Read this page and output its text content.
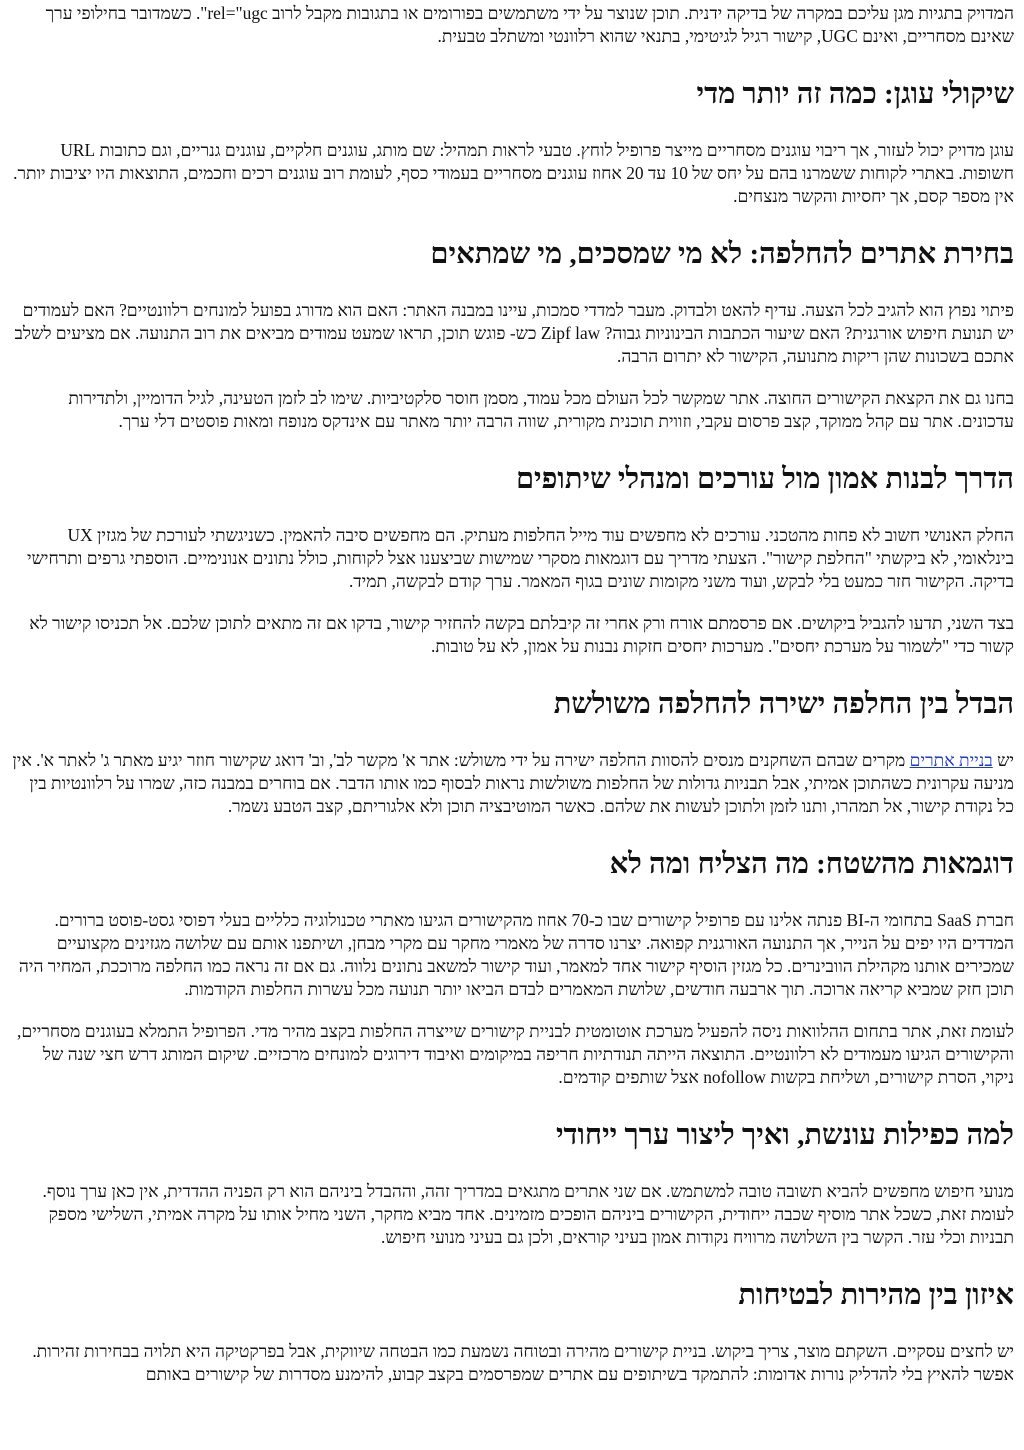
המדויק בתגיות מגן עליכם במקרה של בדיקה ידנית. תוכן שנוצר על ידי משתמשים בפורומים או בתגובות מקבל לרוב rel="ugc". כשמדובר בחילופי ערך שאינם מסחריים, ואינם UGC, קישור רגיל לגיטימי, בתנאי שהוא רלוונטי ומשתלב טבעית.

שיקולי עוגן: כמה זה יותר מדי

עוגן מדויק יכול לעזור, אך ריבוי עוגנים מסחריים מייצר פרופיל לוחץ. טבעי לראות תמהיל: שם מותג, עוגנים חלקיים, עוגנים גנריים, וגם כתובות URL חשופות. באתרי לקוחות ששמרנו בהם על יחס של 10 עד 20 אחוז עוגנים מסחריים בעמודי כסף, לעומת רוב עוגנים רכים וחכמים, התוצאות היו יציבות יותר. אין מספר קסם, אך יחסיות והקשר מנצחים.

בחירת אתרים להחלפה: לא מי שמסכים, מי שמתאים

פיתוי נפוץ הוא להגיב לכל הצעה. עדיף להאט ולבדוק. מעבר למדדי סמכות, עיינו במבנה האתר: האם הוא מדורג בפועל למונחים רלוונטיים? האם לעמודים יש תנועת חיפוש אורגנית? האם שיעור הכתבות הבינוניות גבוה? Zipf law כש- פוגש תוכן, תראו שמעט עמודים מביאים את רוב התנועה. אם מציעים לשלב אתכם בשכונות שהן ריקות מתנועה, הקישור לא יתרום הרבה.

בחנו גם את הקצאת הקישורים החוצה. אתר שמקשר לכל העולם מכל עמוד, מסמן חוסר סלקטיביות. שימו לב לזמן הטעינה, לגיל הדומיין, ולתדירות עדכונים. אתר עם קהל ממוקד, קצב פרסום עקבי, וזווית תוכנית מקורית, שווה הרבה יותר מאתר עם אינדקס מנופח ומאות פוסטים דלי ערך.

הדרך לבנות אמון מול עורכים ומנהלי שיתופים

החלק האנושי חשוב לא פחות מהטכני. עורכים לא מחפשים עוד מייל החלפות מעתיק. הם מחפשים סיבה להאמין. כשניגשתי לעורכת של מגזין UX בינלאומי, לא ביקשתי "החלפת קישור". הצעתי מדריך עם דוגמאות מסקרי שמישות שביצענו אצל לקוחות, כולל נתונים אנונימיים. הוספתי גרפים ותרחישי בדיקה. הקישור חזר כמעט בלי לבקש, ועוד משני מקומות שונים בגוף המאמר. ערך קודם לבקשה, תמיד.

בצד השני, תדעו להגביל ביקושים. אם פרסמתם אורח ורק אחרי זה קיבלתם בקשה להחזיר קישור, בדקו אם זה מתאים לתוכן שלכם. אל תכניסו קישור לא קשור כדי "לשמור על מערכת יחסים". מערכות יחסים חזקות נבנות על אמון, לא על טובות.

הבדל בין החלפה ישירה להחלפה משולשת

יש בניית אתרים מקרים שבהם השחקנים מנסים להסוות החלפה ישירה על ידי משולש: אתר א' מקשר לב', וב' דואג שקישור חוזר יגיע מאתר ג' לאתר א'. אין מניעה עקרונית כשהתוכן אמיתי, אבל תבניות גדולות של החלפות משולשות נראות לבסוף כמו אותו הדבר. אם בוחרים במבנה כזה, שמרו על רלוונטיות בין כל נקודת קישור, אל תמהרו, ותנו לזמן ולתוכן לעשות את שלהם. כאשר המוטיבציה תוכן ולא אלגוריתם, קצב הטבע נשמר.

דוגמאות מהשטח: מה הצליח ומה לא

חברת SaaS בתחומי ה-BI פנתה אלינו עם פרופיל קישורים שבו כ-70 אחוז מהקישורים הגיעו מאתרי טכנולוגיה כלליים בעלי דפוסי גסט-פוסט ברורים. המדדים היו יפים על הנייר, אך התנועה האורגנית קפואה. יצרנו סדרה של מאמרי מחקר עם מקרי מבחן, ושיתפנו אותם עם שלושה מגזינים מקצועיים שמכירים אותנו מקהילת הוובינרים. כל מגזין הוסיף קישור אחד למאמר, ועוד קישור למשאב נתונים נלווה. גם אם זה נראה כמו החלפה מרוככת, המחיר היה תוכן חזק שמביא קריאה ארוכה. תוך ארבעה חודשים, שלושת המאמרים לבדם הביאו יותר תנועה מכל עשרות החלפות הקודמות.

לעומת זאת, אתר בתחום ההלוואות ניסה להפעיל מערכת אוטומטית לבניית קישורים שייצרה החלפות בקצב מהיר מדי. הפרופיל התמלא בעוגנים מסחריים, והקישורים הגיעו מעמודים לא רלוונטיים. התוצאה הייתה תנודתיות חריפה במיקומים ואיבוד דירוגים למונחים מרכזיים. שיקום המותג דרש חצי שנה של ניקוי, הסרת קישורים, ושליחת בקשות nofollow אצל שותפים קודמים.

למה כפילות עונשת, ואיך ליצור ערך ייחודי

מנועי חיפוש מחפשים להביא תשובה טובה למשתמש. אם שני אתרים מתגאים במדריך זהה, וההבדל ביניהם הוא רק הפניה ההדדית, אין כאן ערך נוסף. לעומת זאת, כשכל אתר מוסיף שכבה ייחודית, הקישורים ביניהם הופכים מזמינים. אחד מביא מחקר, השני מחיל אותו על מקרה אמיתי, השלישי מספק תבניות וכלי עזר. הקשר בין השלושה מרוויח נקודות אמון בעיני קוראים, ולכן גם בעיני מנועי חיפוש.

איזון בין מהירות לבטיחות

יש לחצים עסקיים. השקתם מוצר, צריך ביקוש. בניית קישורים מהירה ובטוחה נשמעת כמו הבטחה שיווקית, אבל בפרקטיקה היא תלויה בבחירות זהירות. אפשר להאיץ בלי להדליק נורות אדומות: להתמקד בשיתופים עם אתרים שמפרסמים בקצב קבוע, להימנע מסדרות של קישורים באותם
